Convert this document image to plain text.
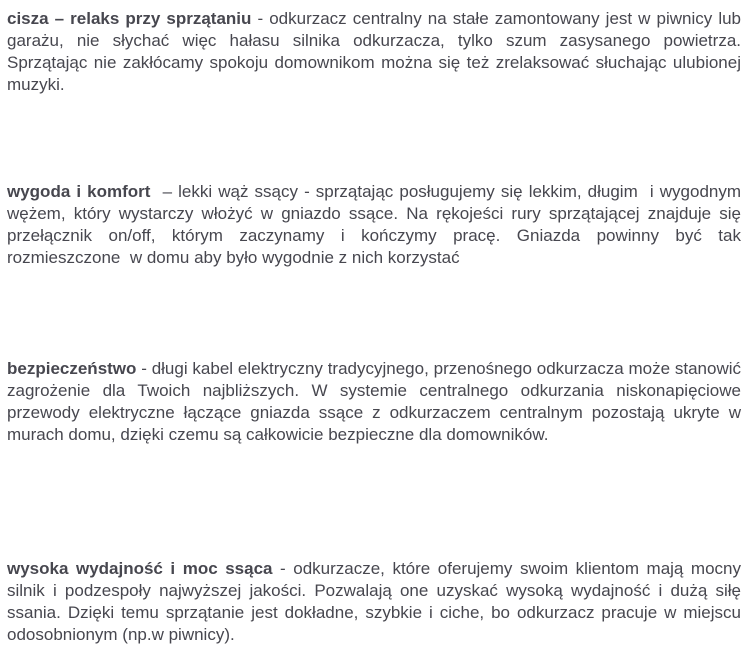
cisza – relaks przy sprzątaniu - odkurzacz centralny na stałe zamontowany jest w piwnicy lub garażu, nie słychać więc hałasu silnika odkurzacza, tylko szum zasysanego powietrza. Sprzątając nie zakłócamy spokoju domownikom można się też zrelaksować słuchając ulubionej muzyki.

wygoda i komfort  – lekki wąż ssący - sprzątając posługujemy się lekkim, długim  i wygodnym wężem, który wystarczy włożyć w gniazdo ssące. Na rękojeści rury sprzątającej znajduje się przełącznik on/off, którym zaczynamy i kończymy pracę. Gniazda powinny być tak rozmieszczone  w domu aby było wygodnie z nich korzystać

bezpieczeństwo - długi kabel elektryczny tradycyjnego, przenośnego odkurzacza może stanowić zagrożenie dla Twoich najbliższych. W systemie centralnego odkurzania niskonapięciowe przewody elektryczne łączące gniazda ssące z odkurzaczem centralnym pozostają ukryte w murach domu, dzięki czemu są całkowicie bezpieczne dla domowników.

wysoka wydajność i moc ssąca - odkurzacze, które oferujemy swoim klientom mają mocny silnik i podzespoły najwyższej jakości. Pozwalają one uzyskać wysoką wydajność i dużą siłę ssania. Dzięki temu sprzątanie jest dokładne, szybkie i ciche, bo odkurzacz pracuje w miejscu odosobnionym (np.w piwnicy).
